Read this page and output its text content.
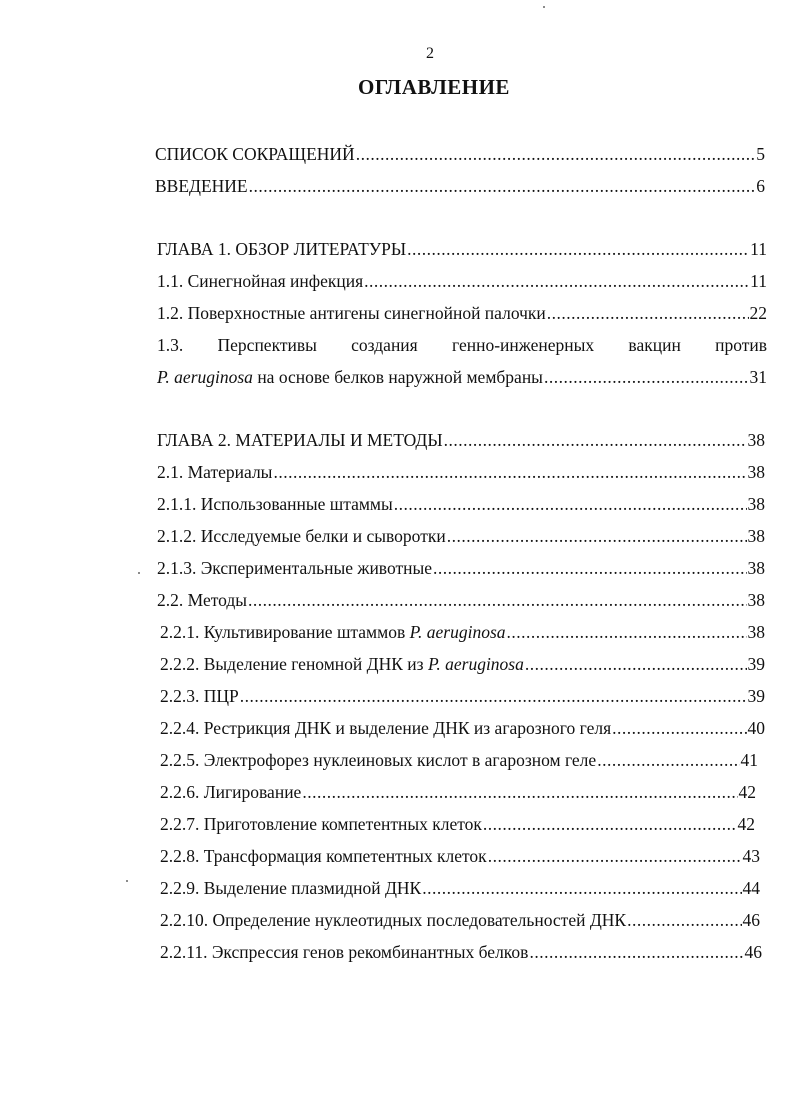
2
ОГЛАВЛЕНИЕ
СПИСОК СОКРАЩЕНИЙ .....	5
ВВЕДЕНИЕ .....	6
ГЛАВА 1. ОБЗОР ЛИТЕРАТУРЫ .....	11
1.1. Синегнойная инфекция .....	11
1.2. Поверхностные антигены синегнойной палочки .....	22
1.3. Перспективы создания генно-инженерных вакцин против
P. aeruginosa на основе белков наружной мембраны .....	31
ГЛАВА 2. МАТЕРИАЛЫ И МЕТОДЫ .....	38
2.1. Материалы .....	38
2.1.1. Использованные штаммы .....	38
2.1.2. Исследуемые белки и сыворотки .....	38
2.1.3. Экспериментальные животные .....	38
2.2. Методы .....	38
2.2.1. Культивирование штаммов P. aeruginosa .....	38
2.2.2. Выделение геномной ДНК из P. aeruginosa .....	39
2.2.3. ПЦР .....	39
2.2.4. Рестрикция ДНК и выделение ДНК из агарозного геля .....	40
2.2.5. Электрофорез нуклеиновых кислот в агарозном геле .....	41
2.2.6. Лигирование .....	42
2.2.7. Приготовление компетентных клеток .....	42
2.2.8. Трансформация компетентных клеток .....	43
2.2.9. Выделение плазмидной ДНК .....	44
2.2.10. Определение нуклеотидных последовательностей ДНК .....	46
2.2.11. Экспрессия генов рекомбинантных белков .....	46
